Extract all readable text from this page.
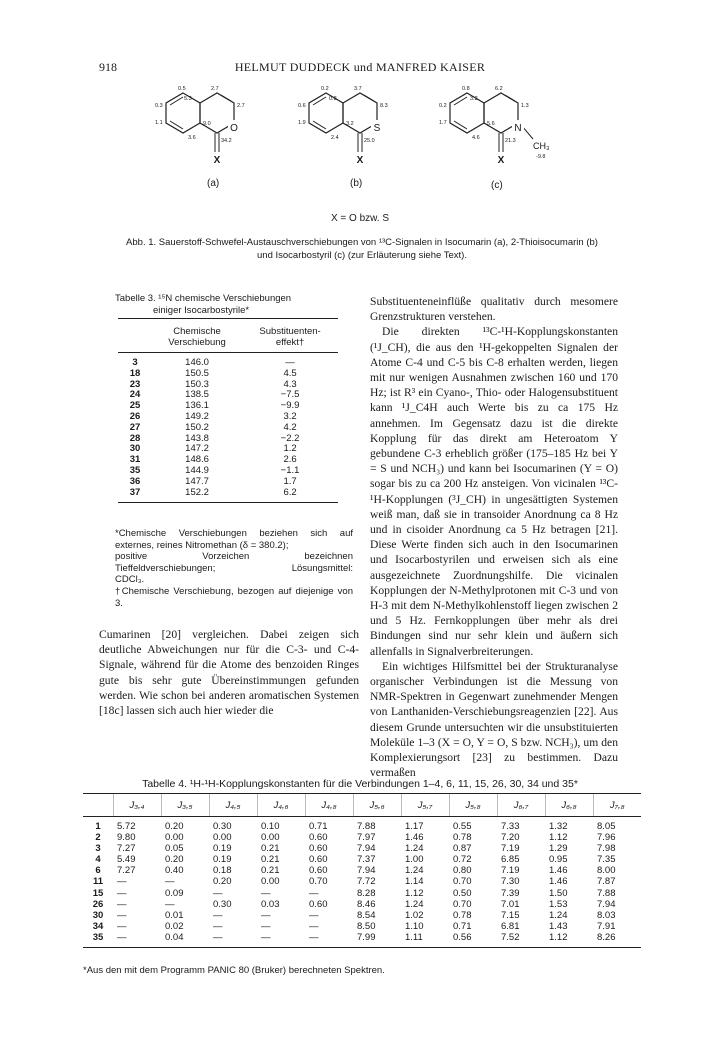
918	HELMUT DUDDECK und MANFRED KAISER
O
X
0.5
5.3
2.7
0.3	2.7
1.1	9.0
3.6	34.2
(a)
S
X
0.2
0.8
3.7
0.6	8.3
1.9	3.2
2.4	25.0
(b)
N
CH₃
-9.8
X
0.8
3.2
6.2
0.2	1.3
1.7	5.6
4.6	21.3
(c)
X = O bzw. S
Abb. 1. Sauerstoff-Schwefel-Austauschverschiebungen von ¹³C-Signalen in Isocumarin (a), 2-Thioisocumarin (b) und Isocarbostyril (c) (zur Erläuterung siehe Text).
Tabelle 3. ¹⁵N chemische Verschiebungen
einiger Isocarbostyrile*
	Chemische
Verschiebung	Substituenten-
effekt†
3	146.0	—
18	150.5	4.5
23	150.3	4.3
24	138.5	−7.5
25	136.1	−9.9
26	149.2	3.2
27	150.2	4.2
28	143.8	−2.2
30	147.2	1.2
31	148.6	2.6
35	144.9	−1.1
36	147.7	1.7
37	152.2	6.2
*Chemische Verschiebungen beziehen sich auf externes, reines Nitromethan (δ = 380.2);
positive	Vorzeichen	bezeichnen
Tieffeldverschiebungen;	Lösungsmittel:
CDCl₃.
†Chemische Verschiebung, bezogen auf diejenige von 3.
Substituenteneinflüße qualitativ durch mesomere Grenzstrukturen verstehen.
Die direkten ¹³C-¹H-Kopplungskonstanten (¹J_CH), die aus den ¹H-gekoppelten Signalen der Atome C-4 und C-5 bis C-8 erhalten werden, liegen mit nur wenigen Ausnahmen zwischen 160 und 170 Hz; ist R³ ein Cyano-, Thio- oder Halogensubstituent kann ¹J_C4H auch Werte bis zu ca 175 Hz annehmen. Im Gegensatz dazu ist die direkte Kopplung für das direkt am Heteroatom Y gebundene C-3 erheblich größer (175–185 Hz bei Y = S und NCH₃) und kann bei Isocumarinen (Y = O) sogar bis zu ca 200 Hz ansteigen. Von vicinalen ¹³C-¹H-Kopplungen (³J_CH) in ungesättigten Systemen weiß man, daß sie in transoider Anordnung ca 8 Hz und in cisoider Anordnung ca 5 Hz betragen [21]. Diese Werte finden sich auch in den Isocumarinen und Isocarbostyrilen und erweisen sich als eine ausgezeichnete Zuordnungshilfe. Die vicinalen Kopplungen der N-Methylprotonen mit C-3 und von H-3 mit dem N-Methylkohlenstoff liegen zwischen 2 und 5 Hz. Fernkopplungen über mehr als drei Bindungen sind nur sehr klein und äußern sich allenfalls in Signalverbreiterungen.
Ein wichtiges Hilfsmittel bei der Strukturanalyse organischer Verbindungen ist die Messung von NMR-Spektren in Gegenwart zunehmender Mengen von Lanthaniden-Verschiebungsreagenzien [22]. Aus diesem Grunde untersuchten wir die unsubstituierten Moleküle 1–3 (X = O, Y = O, S bzw. NCH₃), um den Komplexierungsort [23] zu bestimmen. Dazu vermaßen
Cumarinen [20] vergleichen. Dabei zeigen sich deutliche Abweichungen nur für die C-3- und C-4-Signale, während für die Atome des benzoiden Ringes gute bis sehr gute Übereinstimmungen gefunden werden. Wie schon bei anderen aromatischen Systemen [18c] lassen sich auch hier wieder die
Tabelle 4. ¹H-¹H-Kopplungskonstanten für die Verbindungen 1–4, 6, 11, 15, 26, 30, 34 und 35*
	J₃,₄	J₃,₅	J₄,₅	J₄,₆	J₄,₈	J₅,₆	J₅,₇	J₅,₈	J₆,₇	J₆,₈	J₇,₈
1	5.72	0.20	0.30	0.10	0.71	7.88	1.17	0.55	7.33	1.32	8.05
2	9.80	0.00	0.00	0.00	0.60	7.97	1.46	0.78	7.20	1.12	7.96
3	7.27	0.05	0.19	0.21	0.60	7.94	1.24	0.87	7.19	1.29	7.98
4	5.49	0.20	0.19	0.21	0.60	7.37	1.00	0.72	6.85	0.95	7.35
6	7.27	0.40	0.18	0.21	0.60	7.94	1.24	0.80	7.19	1.46	8.00
11	—	—	0.20	0.00	0.70	7.72	1.14	0.70	7.30	1.46	7.87
15	—	0.09	—	—	—	8.28	1.12	0.50	7.39	1.50	7.88
26	—	—	0.30	0.03	0.60	8.46	1.24	0.70	7.01	1.53	7.94
30	—	0.01	—	—	—	8.54	1.02	0.78	7.15	1.24	8.03
34	—	0.02	—	—	—	8.50	1.10	0.71	6.81	1.43	7.91
35	—	0.04	—	—	—	7.99	1.11	0.56	7.52	1.12	8.26
*Aus den mit dem Programm PANIC 80 (Bruker) berechneten Spektren.
